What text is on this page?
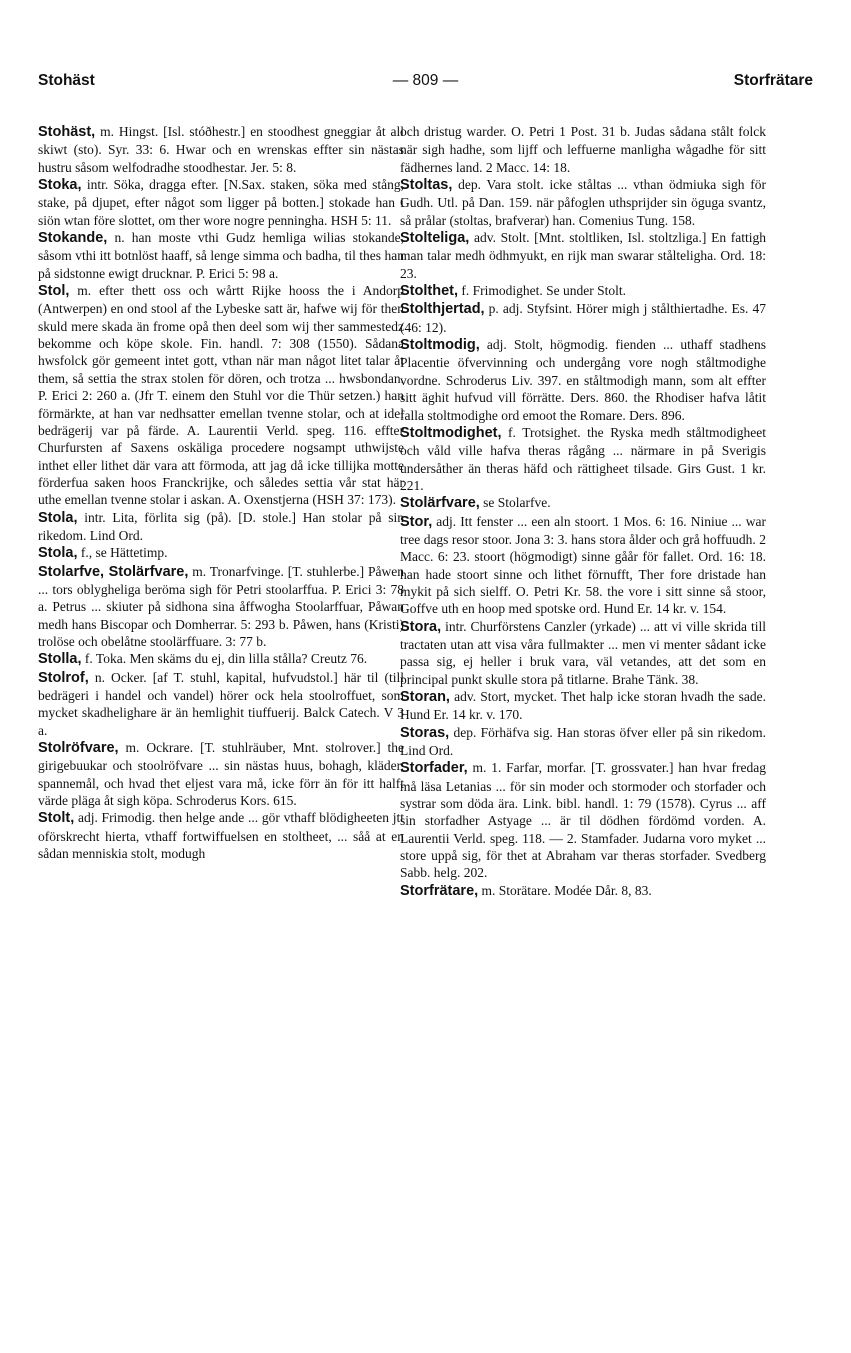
Stohäst	— 809 —	Storfrätare

Stohäst, m. Hingst. [Isl. stóðhestr.] en stoodhest gneggiar åt all skiwt (sto). Syr. 33: 6. Hwar och en wrenskas effter sin nästas hustru såsom welfodradhe stoodhestar. Jer. 5: 8.

Stoka, intr. Söka, dragga efter. [N.Sax. staken, söka med stång, stake, på djupet, efter något som ligger på botten.] stokade han i siön wtan före slottet, om ther wore nogre penningha. HSH 5: 11.

Stokande, n. han moste vthi Gudz hemliga wilias stokande, såsom vthi itt botnlöst haaff, så lenge simma och badha, til thes han på sidstonne ewigt drucknar. P. Erici 5: 98 a.

Stol, m. efter thett oss och wårtt Rijke hooss the i Andorp (Antwerpen) en ond stool af the Lybeske satt är, hafwe wij för then skuld mere skada än frome opå then deel som wij ther sammestedz bekomme och köpe skole. Fin. handl. 7: 308 (1550). Sådana hwsfolck gör gemeent intet gott, vthan när man något litet talar åt them, så settia the strax stolen för dören, och trotza ... hwsbondan. P. Erici 2: 260 a. (Jfr T. einem den Stuhl vor die Thür setzen.) han förmärkte, at han var nedhsatter emellan tvenne stolar, och at idel bedrägerij var på färde. A. Laurentii Verld. speg. 116. effter Churfursten af Saxens oskäliga procedere nogsampt uthwijste inthet eller lithet där vara att förmoda, att jag då icke tillijka motte förderfua saken hoos Franckrijke, och således settia vår stat här uthe emellan tvenne stolar i askan. A. Oxenstjerna (HSH 37: 173).

Stola, intr. Lita, förlita sig (på). [D. stole.] Han stolar på sin rikedom. Lind Ord.

Stola, f., se Hättetimp.

Stolarfve, Stolärfvare, m. Tronarfvinge. [T. stuhlerbe.] Påwen ... tors oblygheliga beröma sigh för Petri stoolarffua. P. Erici 3: 78 a. Petrus ... skiuter på sidhona sina åffwogha Stoolarffuar, Påwan medh hans Biscopar och Domherrar. 5: 293 b. Påwen, hans (Kristi) trolöse och obelåtne stoolärffuare. 3: 77 b.

Stolla, f. Toka. Men skäms du ej, din lilla stålla? Creutz 76.

Stolrof, n. Ocker. [af T. stuhl, kapital, hufvudstol.] här til (till bedrägeri i handel och vandel) hörer ock hela stoolroffuet, som mycket skadhelighare är än hemlighit tiuffuerij. Balck Catech. V 3 a.

Stolröfvare, m. Ockrare. [T. stuhlräuber, Mnt. stolrover.] the girigebuukar och stoolröfvare ... sin nästas huus, bohagh, kläder, spannemål, och hvad thet eljest vara må, icke förr än för itt halft värde pläga åt sigh köpa. Schroderus Kors. 615.

Stolt, adj. Frimodig. then helge ande ... gör vthaff blödigheeten jtt oförskrecht hierta, vthaff fortwiffuelsen en stoltheet, ... såå at en sådan menniskia stolt, modugh

och dristug warder. O. Petri 1 Post. 31 b. Judas sådana stålt folck när sigh hadhe, som lijff och leffuerne manligha wågadhe för sitt fädhernes land. 2 Macc. 14: 18.

Stoltas, dep. Vara stolt. icke ståltas ... vthan ödmiuka sigh för Gudh. Utl. på Dan. 159. när påfoglen uthsprijder sin öguga svantz, så prålar (stoltas, brafverar) han. Comenius Tung. 158.

Stolteliga, adv. Stolt. [Mnt. stoltliken, Isl. stoltzliga.] En fattigh man talar medh ödhmyukt, en rijk man swarar stålteligha. Ord. 18: 23.

Stolthet, f. Frimodighet. Se under Stolt.

Stolthjertad, p. adj. Styfsint. Hörer migh j stålthiertadhe. Es. 47 (46: 12).

Stoltmodig, adj. Stolt, högmodig. fienden ... uthaff stadhens Placentie öfvervinning och undergång vore nogh ståltmodighe vordne. Schroderus Liv. 397. en ståltmodigh mann, som alt effter sitt äghit hufvud vill förrätte. Ders. 860. the Rhodiser hafva låtit falla stoltmodighe ord emoot the Romare. Ders. 896.

Stoltmodighet, f. Trotsighet. the Ryska medh ståltmodigheet och våld ville hafva theras rågång ... närmare in på Sverigis undersåther än theras häfd och rättigheet tilsade. Girs Gust. 1 kr. 221.

Stolärfvare, se Stolarfve.

Stor, adj. Itt fenster ... een aln stoort. 1 Mos. 6: 16. Niniue ... war tree dags resor stoor. Jona 3: 3. hans stora ålder och grå hoffuudh. 2 Macc. 6: 23. stoort (högmodigt) sinne gåår för fallet. Ord. 16: 18. han hade stoort sinne och lithet förnufft, Ther fore dristade han mykit på sich sielff. O. Petri Kr. 58. the vore i sitt sinne så stoor, Goffve uth en hoop med spotske ord. Hund Er. 14 kr. v. 154.

Stora, intr. Churförstens Canzler (yrkade) ... att vi ville skrida till tractaten utan att visa våra fullmakter ... men vi menter sådant icke passa sig, ej heller i bruk vara, väl vetandes, att det som en principal punkt skulle stora på titlarne. Brahe Tänk. 38.

Storan, adv. Stort, mycket. Thet halp icke storan hvadh the sade. Hund Er. 14 kr. v. 170.

Storas, dep. Förhäfva sig. Han storas öfver eller på sin rikedom. Lind Ord.

Storfader, m. 1. Farfar, morfar. [T. grossvater.] han hvar fredag må läsa Letanias ... för sin moder och stormoder och storfader och systrar som döda ära. Link. bibl. handl. 1: 79 (1578). Cyrus ... aff sin storfadher Astyage ... är til dödhen fördömd vorden. A. Laurentii Verld. speg. 118. — 2. Stamfader. Judarna voro myket ... store uppå sig, för thet at Abraham var theras storfader. Svedberg Sabb. helg. 202.

Storfrätare, m. Storätare. Modée Dår. 8, 83.
